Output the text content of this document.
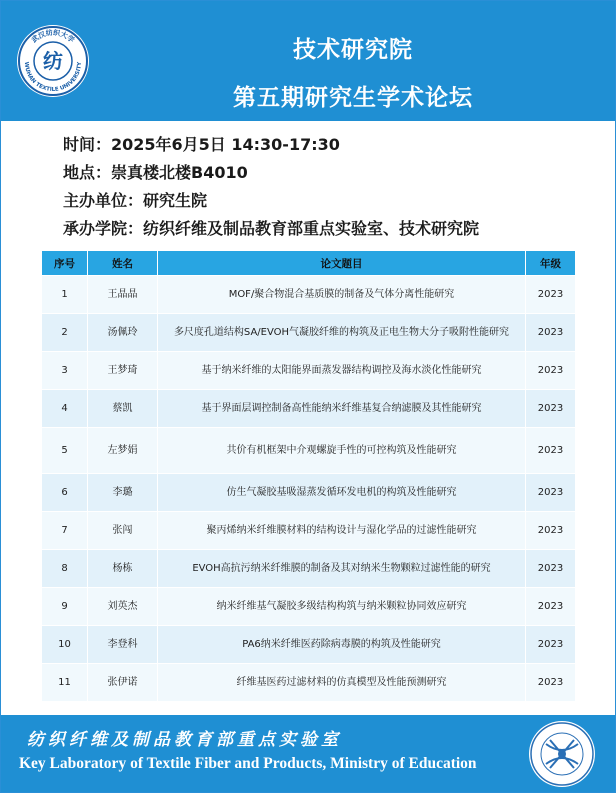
武汉纺织大学
WUHAN TEXTILE UNIVERSITY
纺	技术研究院
第五期研究生学术论坛
时间：2025年6月5日 14:30-17:30
地点：崇真楼北楼B4010
主办单位：研究生院
承办学院：纺织纤维及制品教育部重点实验室、技术研究院
序号	姓名	论文题目	年级
1	王晶晶	MOF/聚合物混合基质膜的制备及气体分离性能研究	2023
2	汤佩玲	多尺度孔道结构SA/EVOH气凝胶纤维的构筑及正电生物大分子吸附性能研究	2023
3	王梦琦	基于纳米纤维的太阳能界面蒸发器结构调控及海水淡化性能研究	2023
4	蔡凯	基于界面层调控制备高性能纳米纤维基复合纳滤膜及其性能研究	2023
5	左梦娟	共价有机框架中介观螺旋手性的可控构筑及性能研究	2023
6	李璐	仿生气凝胶基吸湿蒸发循环发电机的构筑及性能研究	2023
7	张闯	聚丙烯纳米纤维膜材料的结构设计与湿化学品的过滤性能研究	2023
8	杨栋	EVOH高抗污纳米纤维膜的制备及其对纳米生物颗粒过滤性能的研究	2023
9	刘英杰	纳米纤维基气凝胶多级结构构筑与纳米颗粒协同效应研究	2023
10	李登科	PA6纳米纤维医药除病毒膜的构筑及性能研究	2023
11	张伊诺	纤维基医药过滤材料的仿真模型及性能预测研究	2023
纺织纤维及制品教育部重点实验室
Key Laboratory of Textile Fiber and Products, Ministry of Education
